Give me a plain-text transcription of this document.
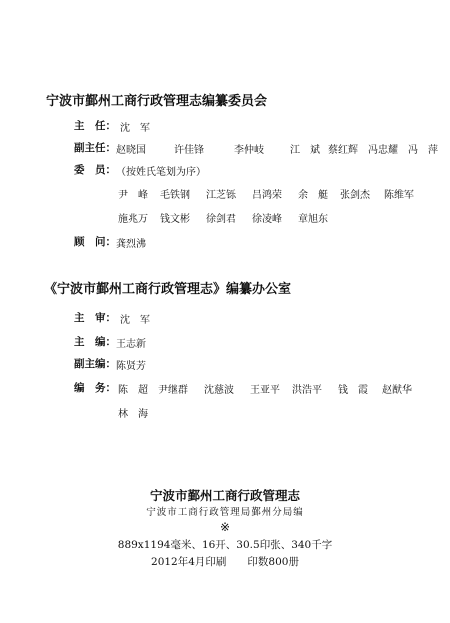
宁波市鄞州工商行政管理志编纂委员会
主　任： 沈　军
副主任： 赵晓国	许佳锋	李仲岐	江　斌 蔡红辉 冯忠耀 冯　萍
委　员： （按姓氏笔划为序）
尹　峰 毛铁钢 江芝铄 吕鸿荣 余　艇 张剑杰 陈维军
施兆万 钱文彬 徐剑君 徐凌峰 章旭东
顾　问： 龚烈沸
《宁波市鄞州工商行政管理志》编纂办公室
主　审： 沈　军
主　编： 王志新
副主编： 陈贤芳
编　务： 陈　超 尹继群 沈慈波 王亚平 洪浩平 钱　霞 赵猷华
林　海
宁波市鄞州工商行政管理志
宁波市工商行政管理局鄞州分局编
※
889x1194毫米、16开、30.5印张、340千字
2012年4月印刷　　印数800册
